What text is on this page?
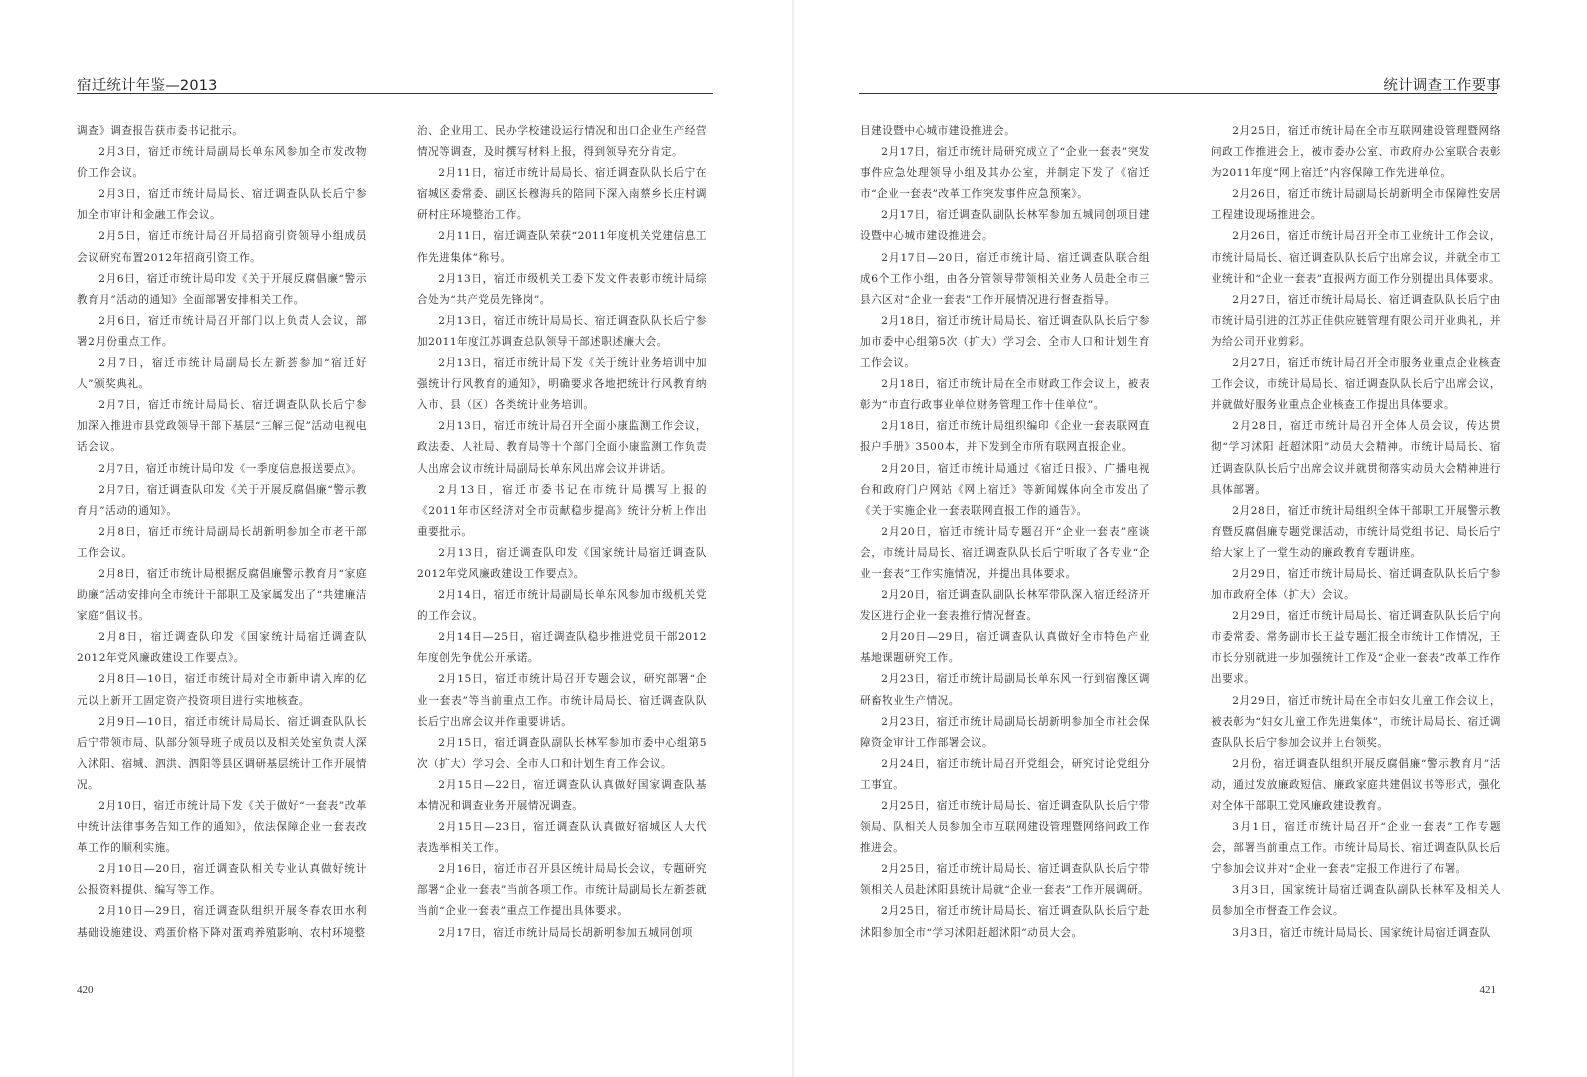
宿迁统计年鉴—2013

调查》调查报告获市委书记批示。

2月3日，宿迁市统计局副局长单东风参加全市发改物价工作会议。

2月3日，宿迁市统计局局长、宿迁调查队队长后宁参加全市审计和金融工作会议。

2月5日，宿迁市统计局召开局招商引资领导小组成员会议研究布置2012年招商引资工作。

2月6日，宿迁市统计局印发《关于开展反腐倡廉“警示教育月”活动的通知》全面部署安排相关工作。

2月6日，宿迁市统计局召开部门以上负责人会议，部署2月份重点工作。

2月7日，宿迁市统计局副局长左新荟参加“宿迁好人”颁奖典礼。

2月7日，宿迁市统计局局长、宿迁调查队队长后宁参加深入推进市县党政领导干部下基层“三解三促”活动电视电话会议。

2月7日，宿迁市统计局印发《一季度信息报送要点》。

2月7日，宿迁调查队印发《关于开展反腐倡廉“警示教育月”活动的通知》。

2月8日，宿迁市统计局副局长胡新明参加全市老干部工作会议。

2月8日，宿迁市统计局根据反腐倡廉警示教育月“家庭助廉”活动安排向全市统计干部职工及家属发出了“共建廉洁家庭”倡议书。

2月8日，宿迁调查队印发《国家统计局宿迁调查队2012年党风廉政建设工作要点》。

2月8日—10日，宿迁市统计局对全市新申请入库的亿元以上新开工固定资产投资项目进行实地核查。

2月9日—10日，宿迁市统计局局长、宿迁调查队队长后宁带领市局、队部分领导班子成员以及相关处室负责人深入沭阳、宿城、泗洪、泗阳等县区调研基层统计工作开展情况。

2月10日，宿迁市统计局下发《关于做好“一套表”改革中统计法律事务告知工作的通知》，依法保障企业一套表改革工作的顺利实施。

2月10日—20日，宿迁调查队相关专业认真做好统计公报资料提供、编写等工作。

2月10日—29日，宿迁调查队组织开展冬春农田水利基础设施建设、鸡蛋价格下降对蛋鸡养殖影响、农村环境整

治、企业用工、民办学校建设运行情况和出口企业生产经营情况等调查，及时撰写材料上报，得到领导充分肯定。

2月11日，宿迁市统计局局长、宿迁调查队队长后宁在宿城区委常委、副区长穆海兵的陪同下深入南蔡乡长庄村调研村庄环境整治工作。

2月11日，宿迁调查队荣获“2011年度机关党建信息工作先进集体”称号。

2月13日，宿迁市级机关工委下发文件表彰市统计局综合处为“共产党员先锋岗”。

2月13日，宿迁市统计局局长、宿迁调查队队长后宁参加2011年度江苏调查总队领导干部述职述廉大会。

2月13日，宿迁市统计局下发《关于统计业务培训中加强统计行风教育的通知》，明确要求各地把统计行风教育纳入市、县（区）各类统计业务培训。

2月13日，宿迁市统计局召开全面小康监测工作会议，政法委、人社局、教育局等十个部门全面小康监测工作负责人出席会议市统计局副局长单东风出席会议并讲话。

2月13日，宿迁市委书记在市统计局撰写上报的《2011年市区经济对全市贡献稳步提高》统计分析上作出重要批示。

2月13日，宿迁调查队印发《国家统计局宿迁调查队2012年党风廉政建设工作要点》。

2月14日，宿迁市统计局副局长单东风参加市级机关党的工作会议。

2月14日—25日，宿迁调查队稳步推进党员干部2012年度创先争优公开承诺。

2月15日，宿迁市统计局召开专题会议，研究部署“企业一套表”等当前重点工作。市统计局局长、宿迁调查队队长后宁出席会议并作重要讲话。

2月15日，宿迁调查队副队长林军参加市委中心组第5次（扩大）学习会、全市人口和计划生育工作会议。

2月15日—22日，宿迁调查队认真做好国家调查队基本情况和调查业务开展情况调查。

2月15日—23日，宿迁调查队认真做好宿城区人大代表选举相关工作。

2月16日，宿迁市召开县区统计局局长会议，专题研究部署“企业一套表”当前各项工作。市统计局副局长左新荟就当前“企业一套表”重点工作提出具体要求。

2月17日，宿迁市统计局局长胡新明参加五城同创项

420
统计调查工作要事

目建设暨中心城市建设推进会。

2月17日，宿迁市统计局研究成立了“企业一套表”突发事件应急处理领导小组及其办公室，并制定下发了《宿迁市“企业一套表”改革工作突发事件应急预案》。

2月17日，宿迁调查队副队长林军参加五城同创项目建设暨中心城市建设推进会。

2月17日—20日，宿迁市统计局、宿迁调查队联合组成6个工作小组，由各分管领导带领相关业务人员赴全市三县六区对“企业一套表”工作开展情况进行督查指导。

2月18日，宿迁市统计局局长、宿迁调查队队长后宁参加市委中心组第5次（扩大）学习会、全市人口和计划生育工作会议。

2月18日，宿迁市统计局在全市财政工作会议上，被表彰为“市直行政事业单位财务管理工作十佳单位”。

2月18日，宿迁市统计局组织编印《企业一套表联网直报户手册》3500本，并下发到全市所有联网直报企业。

2月20日，宿迁市统计局通过《宿迁日报》、广播电视台和政府门户网站《网上宿迁》等新闻媒体向全市发出了《关于实施企业一套表联网直报工作的通告》。

2月20日，宿迁市统计局专题召开“企业一套表”座谈会，市统计局局长、宿迁调查队队长后宁听取了各专业“企业一套表”工作实施情况，并提出具体要求。

2月20日，宿迁调查队副队长林军带队深入宿迁经济开发区进行企业一套表推行情况督查。

2月20日—29日，宿迁调查队认真做好全市特色产业基地课题研究工作。

2月23日，宿迁市统计局副局长单东风一行到宿豫区调研畜牧业生产情况。

2月23日，宿迁市统计局副局长胡新明参加全市社会保障资金审计工作部署会议。

2月24日，宿迁市统计局召开党组会，研究讨论党组分工事宜。

2月25日，宿迁市统计局局长、宿迁调查队队长后宁带领局、队相关人员参加全市互联网建设管理暨网络问政工作推进会。

2月25日，宿迁市统计局局长、宿迁调查队队长后宁带领相关人员赴沭阳县统计局就“企业一套表”工作开展调研。

2月25日，宿迁市统计局局长、宿迁调查队队长后宁赴沭阳参加全市“学习沭阳赶超沭阳”动员大会。

2月25日，宿迁市统计局在全市互联网建设管理暨网络问政工作推进会上，被市委办公室、市政府办公室联合表彰为2011年度“网上宿迁”内容保障工作先进单位。

2月26日，宿迁市统计局副局长胡新明全市保障性安居工程建设现场推进会。

2月26日，宿迁市统计局召开全市工业统计工作会议，市统计局局长、宿迁调查队队长后宁出席会议，并就全市工业统计和“企业一套表”直报两方面工作分别提出具体要求。

2月27日，宿迁市统计局局长、宿迁调查队队长后宁由市统计局引进的江苏正佳供应链管理有限公司开业典礼，并为给公司开业剪彩。

2月27日，宿迁市统计局召开全市服务业重点企业核查工作会议，市统计局局长、宿迁调查队队长后宁出席会议，并就做好服务业重点企业核查工作提出具体要求。

2月28日，宿迁市统计局召开全体人员会议，传达贯彻“学习沭阳 赶超沭阳”动员大会精神。市统计局局长、宿迁调查队队长后宁出席会议并就贯彻落实动员大会精神进行具体部署。

2月28日，宿迁市统计局组织全体干部职工开展警示教育暨反腐倡廉专题党课活动，市统计局党组书记、局长后宁给大家上了一堂生动的廉政教育专题讲座。

2月29日，宿迁市统计局局长、宿迁调查队队长后宁参加市政府全体（扩大）会议。

2月29日，宿迁市统计局局长、宿迁调查队队长后宁向市委常委、常务副市长王益专题汇报全市统计工作情况，王市长分别就进一步加强统计工作及“企业一套表”改革工作作出要求。

2月29日，宿迁市统计局在全市妇女儿童工作会议上，被表彰为“妇女儿童工作先进集体”，市统计局局长、宿迁调查队队长后宁参加会议并上台领奖。

2月份，宿迁调查队组织开展反腐倡廉“警示教育月”活动，通过发放廉政短信、廉政家庭共建倡议书等形式，强化对全体干部职工党风廉政建设教育。

3月1日，宿迁市统计局召开“企业一套表”工作专题会，部署当前重点工作。市统计局局长、宿迁调查队队长后宁参加会议并对“企业一套表”定报工作进行了布署。

3月3日，国家统计局宿迁调查队副队长林军及相关人员参加全市督查工作会议。

3月3日，宿迁市统计局局长、国家统计局宿迁调查队

421
